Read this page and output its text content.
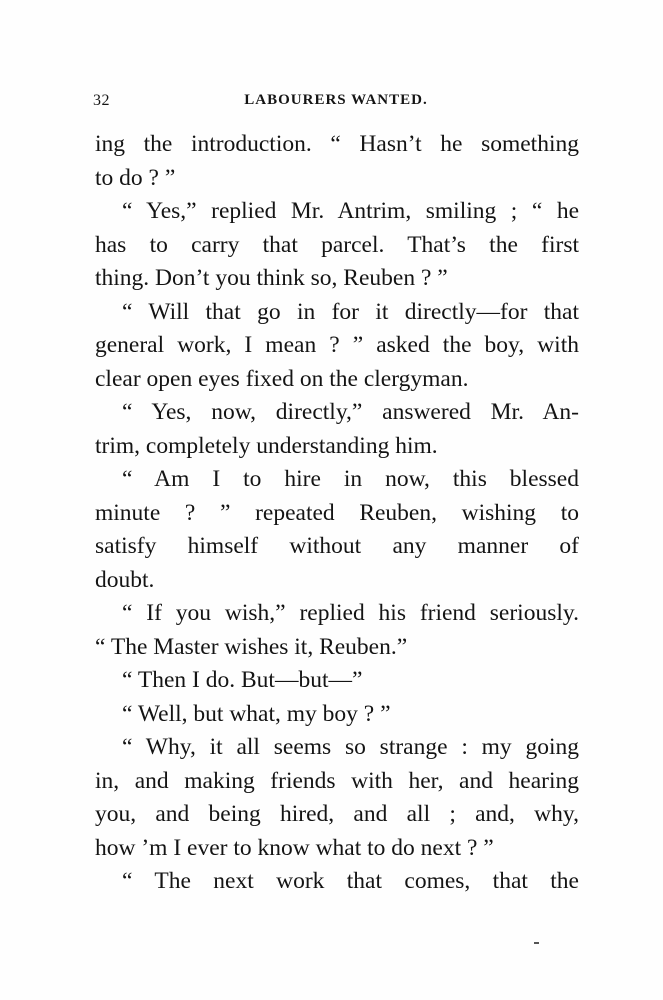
32	LABOURERS WANTED.
ing the introduction. “ Hasn’t he something
to do ? ”
“ Yes,” replied Mr. Antrim, smiling ; “ he
has to carry that parcel. That’s the first
thing. Don’t you think so, Reuben ? ”
“ Will that go in for it directly—for that
general work, I mean ? ” asked the boy, with
clear open eyes fixed on the clergyman.
“ Yes, now, directly,” answered Mr. An-
trim, completely understanding him.
“ Am I to hire in now, this blessed
minute ? ” repeated Reuben, wishing to
satisfy himself without any manner of
doubt.
“ If you wish,” replied his friend seriously.
“ The Master wishes it, Reuben.”
“ Then I do. But—but—”
“ Well, but what, my boy ? ”
“ Why, it all seems so strange : my going
in, and making friends with her, and hearing
you, and being hired, and all ; and, why,
how ’m I ever to know what to do next ? ”
“ The next work that comes, that the
